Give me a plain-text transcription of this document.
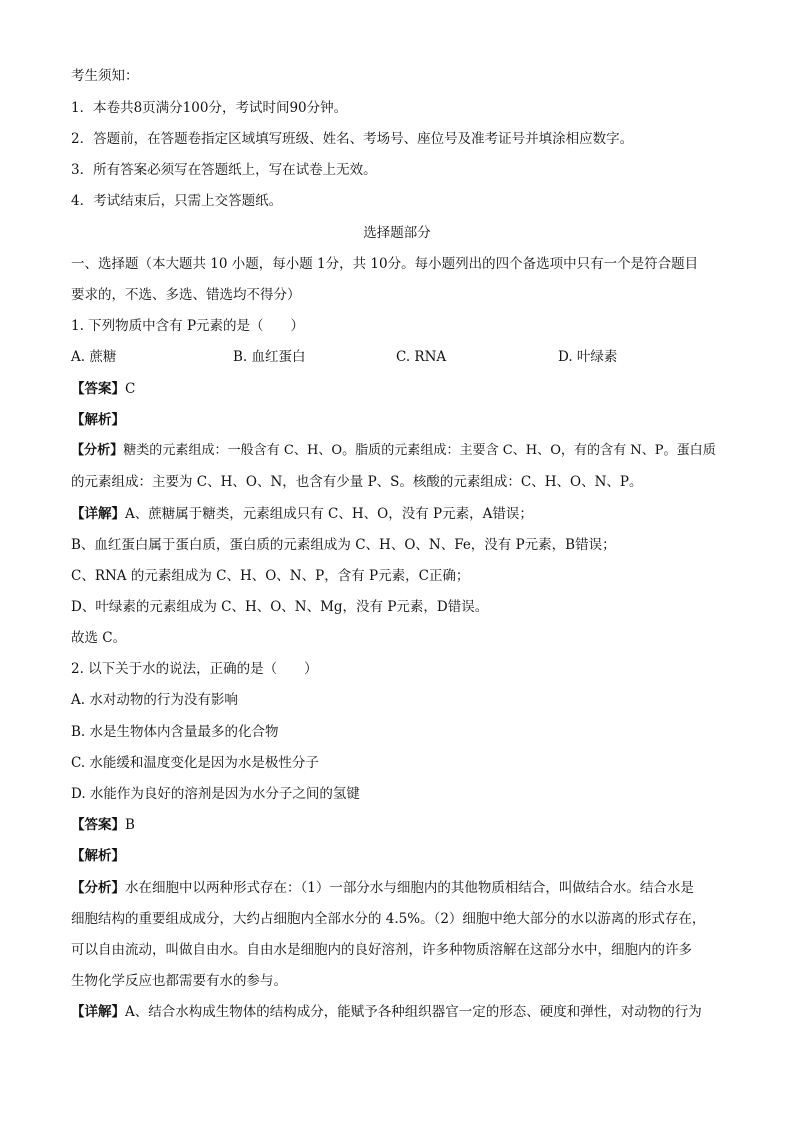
考生须知：
1．本卷共8页满分100分，考试时间90分钟。
2．答题前，在答题卷指定区域填写班级、姓名、考场号、座位号及准考证号并填涂相应数字。
3．所有答案必须写在答题纸上，写在试卷上无效。
4．考试结束后，只需上交答题纸。
选择题部分
一、选择题（本大题共 10 小题，每小题 1分，共 10分。每小题列出的四个备选项中只有一个是符合题目
要求的，不选、多选、错选均不得分）
1. 下列物质中含有 P元素的是（　　）
A. 蔗糖	B. 血红蛋白	C. RNA	D. 叶绿素
【答案】C
【解析】
【分析】糖类的元素组成：一般含有 C、H、O。脂质的元素组成：主要含 C、H、O，有的含有 N、P。蛋白质
的元素组成：主要为 C、H、O、N，也含有少量 P、S。核酸的元素组成：C、H、O、N、P。
【详解】A、蔗糖属于糖类，元素组成只有 C、H、O，没有 P元素，A错误；
B、血红蛋白属于蛋白质，蛋白质的元素组成为 C、H、O、N、Fe，没有 P元素，B错误；
C、RNA 的元素组成为 C、H、O、N、P，含有 P元素，C正确；
D、叶绿素的元素组成为 C、H、O、N、Mg，没有 P元素，D错误。
故选 C。
2. 以下关于水的说法，正确的是（　　）
A. 水对动物的行为没有影响
B. 水是生物体内含量最多的化合物
C. 水能缓和温度变化是因为水是极性分子
D. 水能作为良好的溶剂是因为水分子之间的氢键
【答案】B
【解析】
【分析】水在细胞中以两种形式存在：（1）一部分水与细胞内的其他物质相结合，叫做结合水。结合水是
细胞结构的重要组成成分，大约占细胞内全部水分的 4.5%。（2）细胞中绝大部分的水以游离的形式存在，
可以自由流动，叫做自由水。自由水是细胞内的良好溶剂，许多种物质溶解在这部分水中，细胞内的许多
生物化学反应也都需要有水的参与。
【详解】A、结合水构成生物体的结构成分，能赋予各种组织器官一定的形态、硬度和弹性，对动物的行为
